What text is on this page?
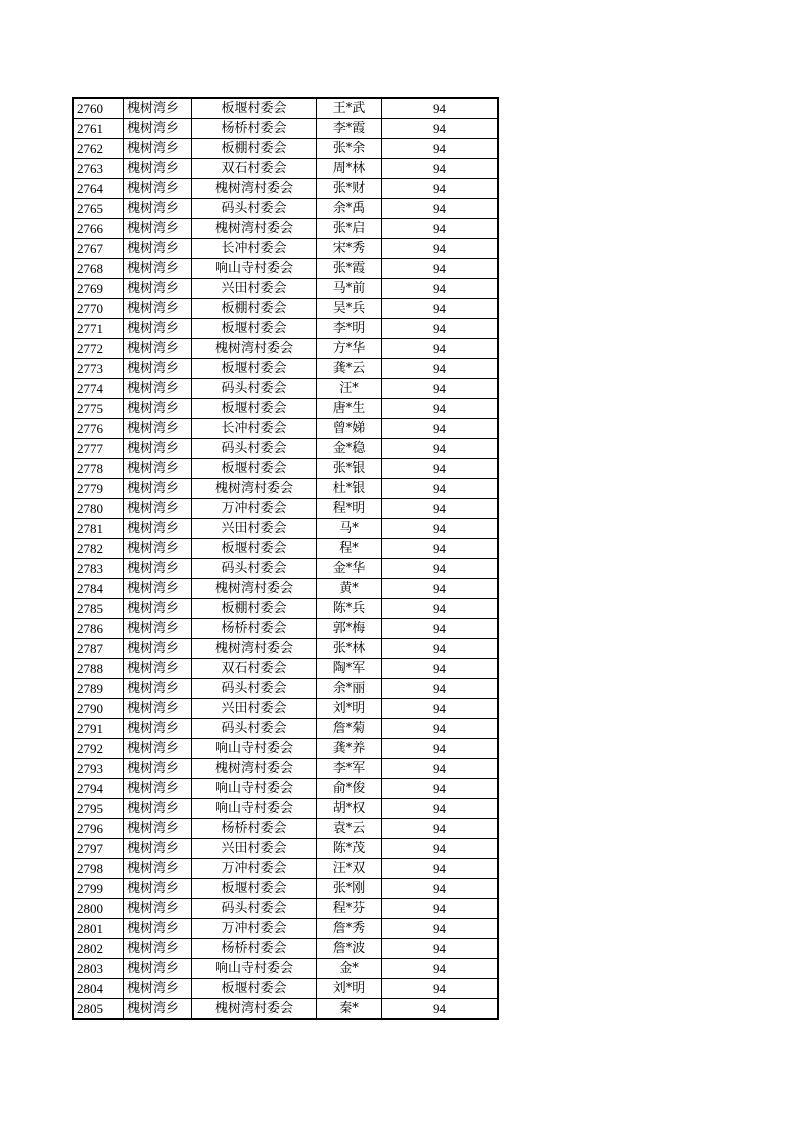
2760	槐树湾乡	板堰村委会	王*武	94
2761	槐树湾乡	杨桥村委会	李*霞	94
2762	槐树湾乡	板棚村委会	张*余	94
2763	槐树湾乡	双石村委会	周*林	94
2764	槐树湾乡	槐树湾村委会	张*财	94
2765	槐树湾乡	码头村委会	余*禹	94
2766	槐树湾乡	槐树湾村委会	张*启	94
2767	槐树湾乡	长冲村委会	宋*秀	94
2768	槐树湾乡	响山寺村委会	张*霞	94
2769	槐树湾乡	兴田村委会	马*前	94
2770	槐树湾乡	板棚村委会	吴*兵	94
2771	槐树湾乡	板堰村委会	李*明	94
2772	槐树湾乡	槐树湾村委会	方*华	94
2773	槐树湾乡	板堰村委会	龚*云	94
2774	槐树湾乡	码头村委会	汪*	94
2775	槐树湾乡	板堰村委会	唐*生	94
2776	槐树湾乡	长冲村委会	曾*娣	94
2777	槐树湾乡	码头村委会	金*稳	94
2778	槐树湾乡	板堰村委会	张*银	94
2779	槐树湾乡	槐树湾村委会	杜*银	94
2780	槐树湾乡	万冲村委会	程*明	94
2781	槐树湾乡	兴田村委会	马*	94
2782	槐树湾乡	板堰村委会	程*	94
2783	槐树湾乡	码头村委会	金*华	94
2784	槐树湾乡	槐树湾村委会	黄*	94
2785	槐树湾乡	板棚村委会	陈*兵	94
2786	槐树湾乡	杨桥村委会	郭*梅	94
2787	槐树湾乡	槐树湾村委会	张*林	94
2788	槐树湾乡	双石村委会	陶*军	94
2789	槐树湾乡	码头村委会	余*丽	94
2790	槐树湾乡	兴田村委会	刘*明	94
2791	槐树湾乡	码头村委会	詹*菊	94
2792	槐树湾乡	响山寺村委会	龚*养	94
2793	槐树湾乡	槐树湾村委会	李*军	94
2794	槐树湾乡	响山寺村委会	俞*俊	94
2795	槐树湾乡	响山寺村委会	胡*权	94
2796	槐树湾乡	杨桥村委会	袁*云	94
2797	槐树湾乡	兴田村委会	陈*茂	94
2798	槐树湾乡	万冲村委会	汪*双	94
2799	槐树湾乡	板堰村委会	张*刚	94
2800	槐树湾乡	码头村委会	程*芬	94
2801	槐树湾乡	万冲村委会	詹*秀	94
2802	槐树湾乡	杨桥村委会	詹*波	94
2803	槐树湾乡	响山寺村委会	金*	94
2804	槐树湾乡	板堰村委会	刘*明	94
2805	槐树湾乡	槐树湾村委会	秦*	94
